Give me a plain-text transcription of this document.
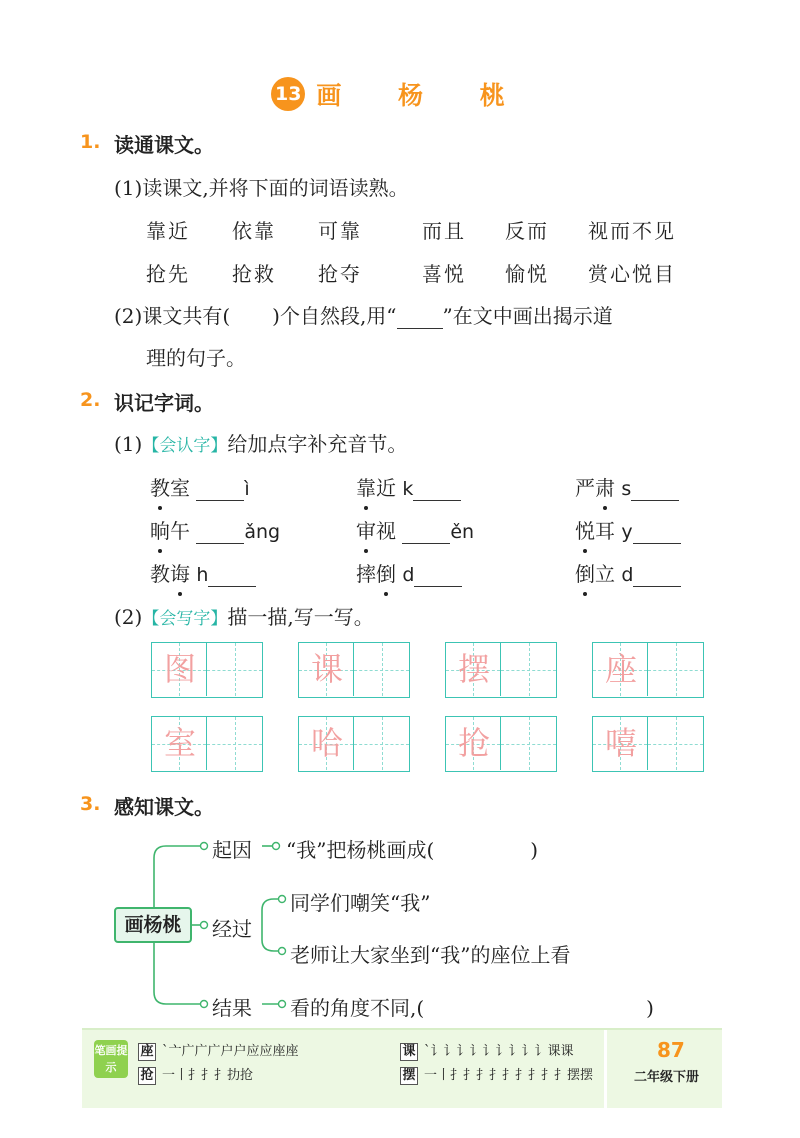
13 画 杨 桃
1. 读通课文。
(1)读课文,并将下面的词语读熟。
靠近 依靠 可靠	而且 反而 视而不见
抢先 抢救 抢夺	喜悦 愉悦 赏心悦目
(2)课文共有( )个自然段,用“ ”在文中画出揭示道
理的句子。
2. 识记字词。
(1)【会认字】给加点字补充音节。
教室	ì	靠近 k	严肃 s
晌午	ǎng	审视	ěn	悦耳 y
教诲 h	摔倒 d	倒立 d
(2)【会写字】描一描,写一写。
图	课	摆	座
室	哈	抢	嘻
3. 感知课文。
画杨桃
起因 “我”把杨桃画成(	)
经过
同学们嘲笑“我”
老师让大家坐到“我”的座位上看
结果 看的角度不同,(	)
笔画提示
座 `亠广广广户户应应座座	课 `讠讠讠讠讠讠讠讠讠课课
抢 一丨扌扌扌扐抢	摆 一丨扌扌扌扌扌扌扌扌扌摆摆
87
二年级下册
